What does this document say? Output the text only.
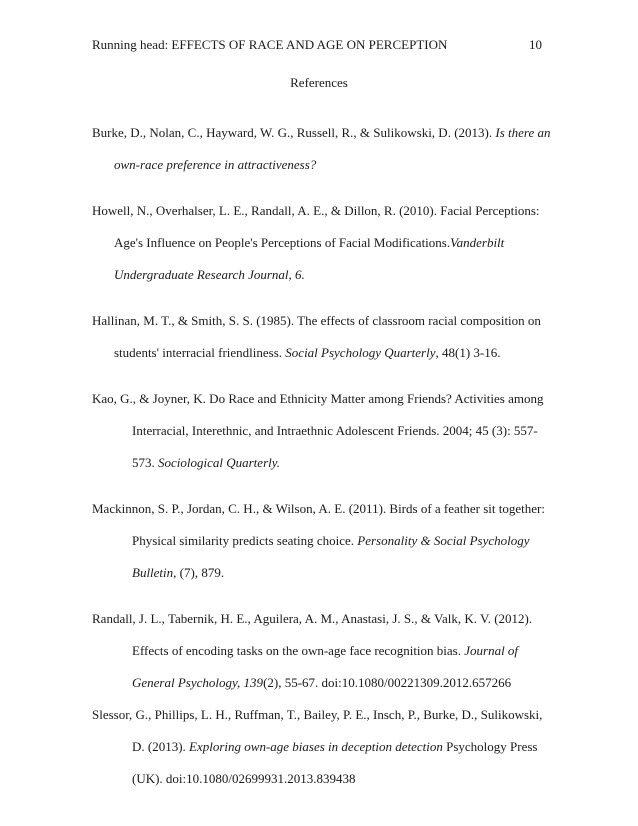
Running head: EFFECTS OF RACE AND AGE ON PERCEPTION	10
References
Burke, D., Nolan, C., Hayward, W. G., Russell, R., & Sulikowski, D. (2013). Is there an
own-race preference in attractiveness?
Howell, N., Overhalser, L. E., Randall, A. E., & Dillon, R. (2010). Facial Perceptions:
Age's Influence on People's Perceptions of Facial Modifications.Vanderbilt
Undergraduate Research Journal, 6.
Hallinan, M. T., & Smith, S. S. (1985). The effects of classroom racial composition on
students' interracial friendliness. Social Psychology Quarterly, 48(1) 3-16.
Kao, G., & Joyner, K. Do Race and Ethnicity Matter among Friends? Activities among
Interracial, Interethnic, and Intraethnic Adolescent Friends. 2004; 45 (3): 557-
573. Sociological Quarterly.
Mackinnon, S. P., Jordan, C. H., & Wilson, A. E. (2011). Birds of a feather sit together:
Physical similarity predicts seating choice. Personality & Social Psychology
Bulletin, (7), 879.
Randall, J. L., Tabernik, H. E., Aguilera, A. M., Anastasi, J. S., & Valk, K. V. (2012).
Effects of encoding tasks on the own-age face recognition bias. Journal of
General Psychology, 139(2), 55-67. doi:10.1080/00221309.2012.657266
Slessor, G., Phillips, L. H., Ruffman, T., Bailey, P. E., Insch, P., Burke, D., Sulikowski,
D. (2013). Exploring own-age biases in deception detection Psychology Press
(UK). doi:10.1080/02699931.2013.839438
